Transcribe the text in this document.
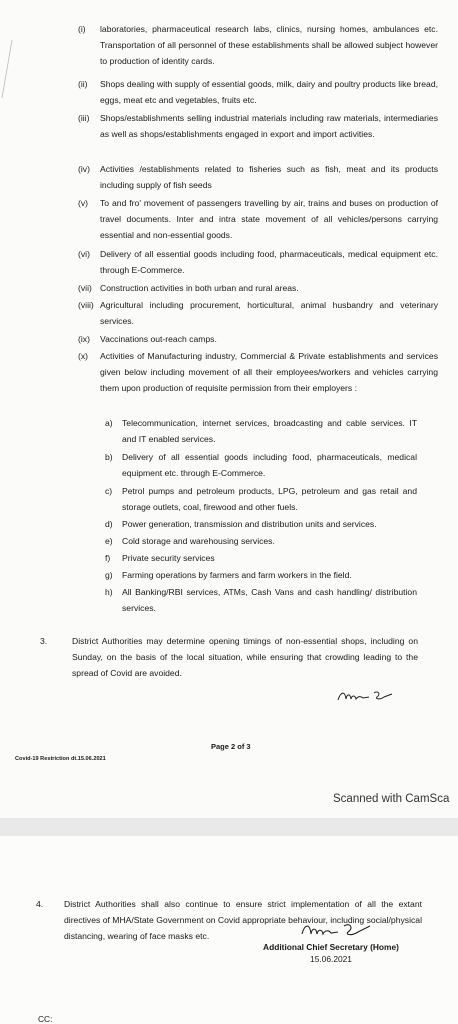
(i)	laboratories, pharmaceutical research labs, clinics, nursing homes, ambulances etc. Transportation of all personnel of these establishments shall be allowed subject however to production of identity cards.
(ii)	Shops dealing with supply of essential goods, milk, dairy and poultry products like bread, eggs, meat etc and vegetables, fruits etc.
(iii)	Shops/establishments selling industrial materials including raw materials, intermediaries as well as shops/establishments engaged in export and import activities.
(iv)	Activities /establishments related to fisheries such as fish, meat and its products including supply of fish seeds
(v)	To and fro' movement of passengers travelling by air, trains and buses on production of travel documents. Inter and intra state movement of all vehicles/persons carrying essential and non-essential goods.
(vi)	Delivery of all essential goods including food, pharmaceuticals, medical equipment etc. through E-Commerce.
(vii) Construction activities in both urban and rural areas.
(viii) Agricultural including procurement, horticultural, animal husbandry and veterinary services.
(ix)	Vaccinations out-reach camps.
(x)	Activities of Manufacturing industry, Commercial & Private establishments and services given below including movement of all their employees/workers and vehicles carrying them upon production of requisite permission from their employers :
a)	Telecommunication, internet services, broadcasting and cable services. IT and IT enabled services.
b)	Delivery of all essential goods including food, pharmaceuticals, medical equipment etc. through E-Commerce.
c)	Petrol pumps and petroleum products, LPG, petroleum and gas retail and storage outlets, coal, firewood and other fuels.
d)	Power generation, transmission and distribution units and services.
e)	Cold storage and warehousing services.
f)	Private security services
g)	Farming operations by farmers and farm workers in the field.
h)	All Banking/RBI services, ATMs, Cash Vans and cash handling/ distribution services.
3.	District Authorities may determine opening timings of non-essential shops, including on Sunday, on the basis of the local situation, while ensuring that crowding leading to the spread of Covid are avoided.
Page 2 of 3
Covid-19 Restriction dt.15.06.2021
Scanned with CamSca
4. District Authorities shall also continue to ensure strict implementation of all the extant directives of MHA/State Government on Covid appropriate behaviour, including social/physical distancing, wearing of face masks etc.
Additional Chief Secretary (Home)
15.06.2021
CC:
